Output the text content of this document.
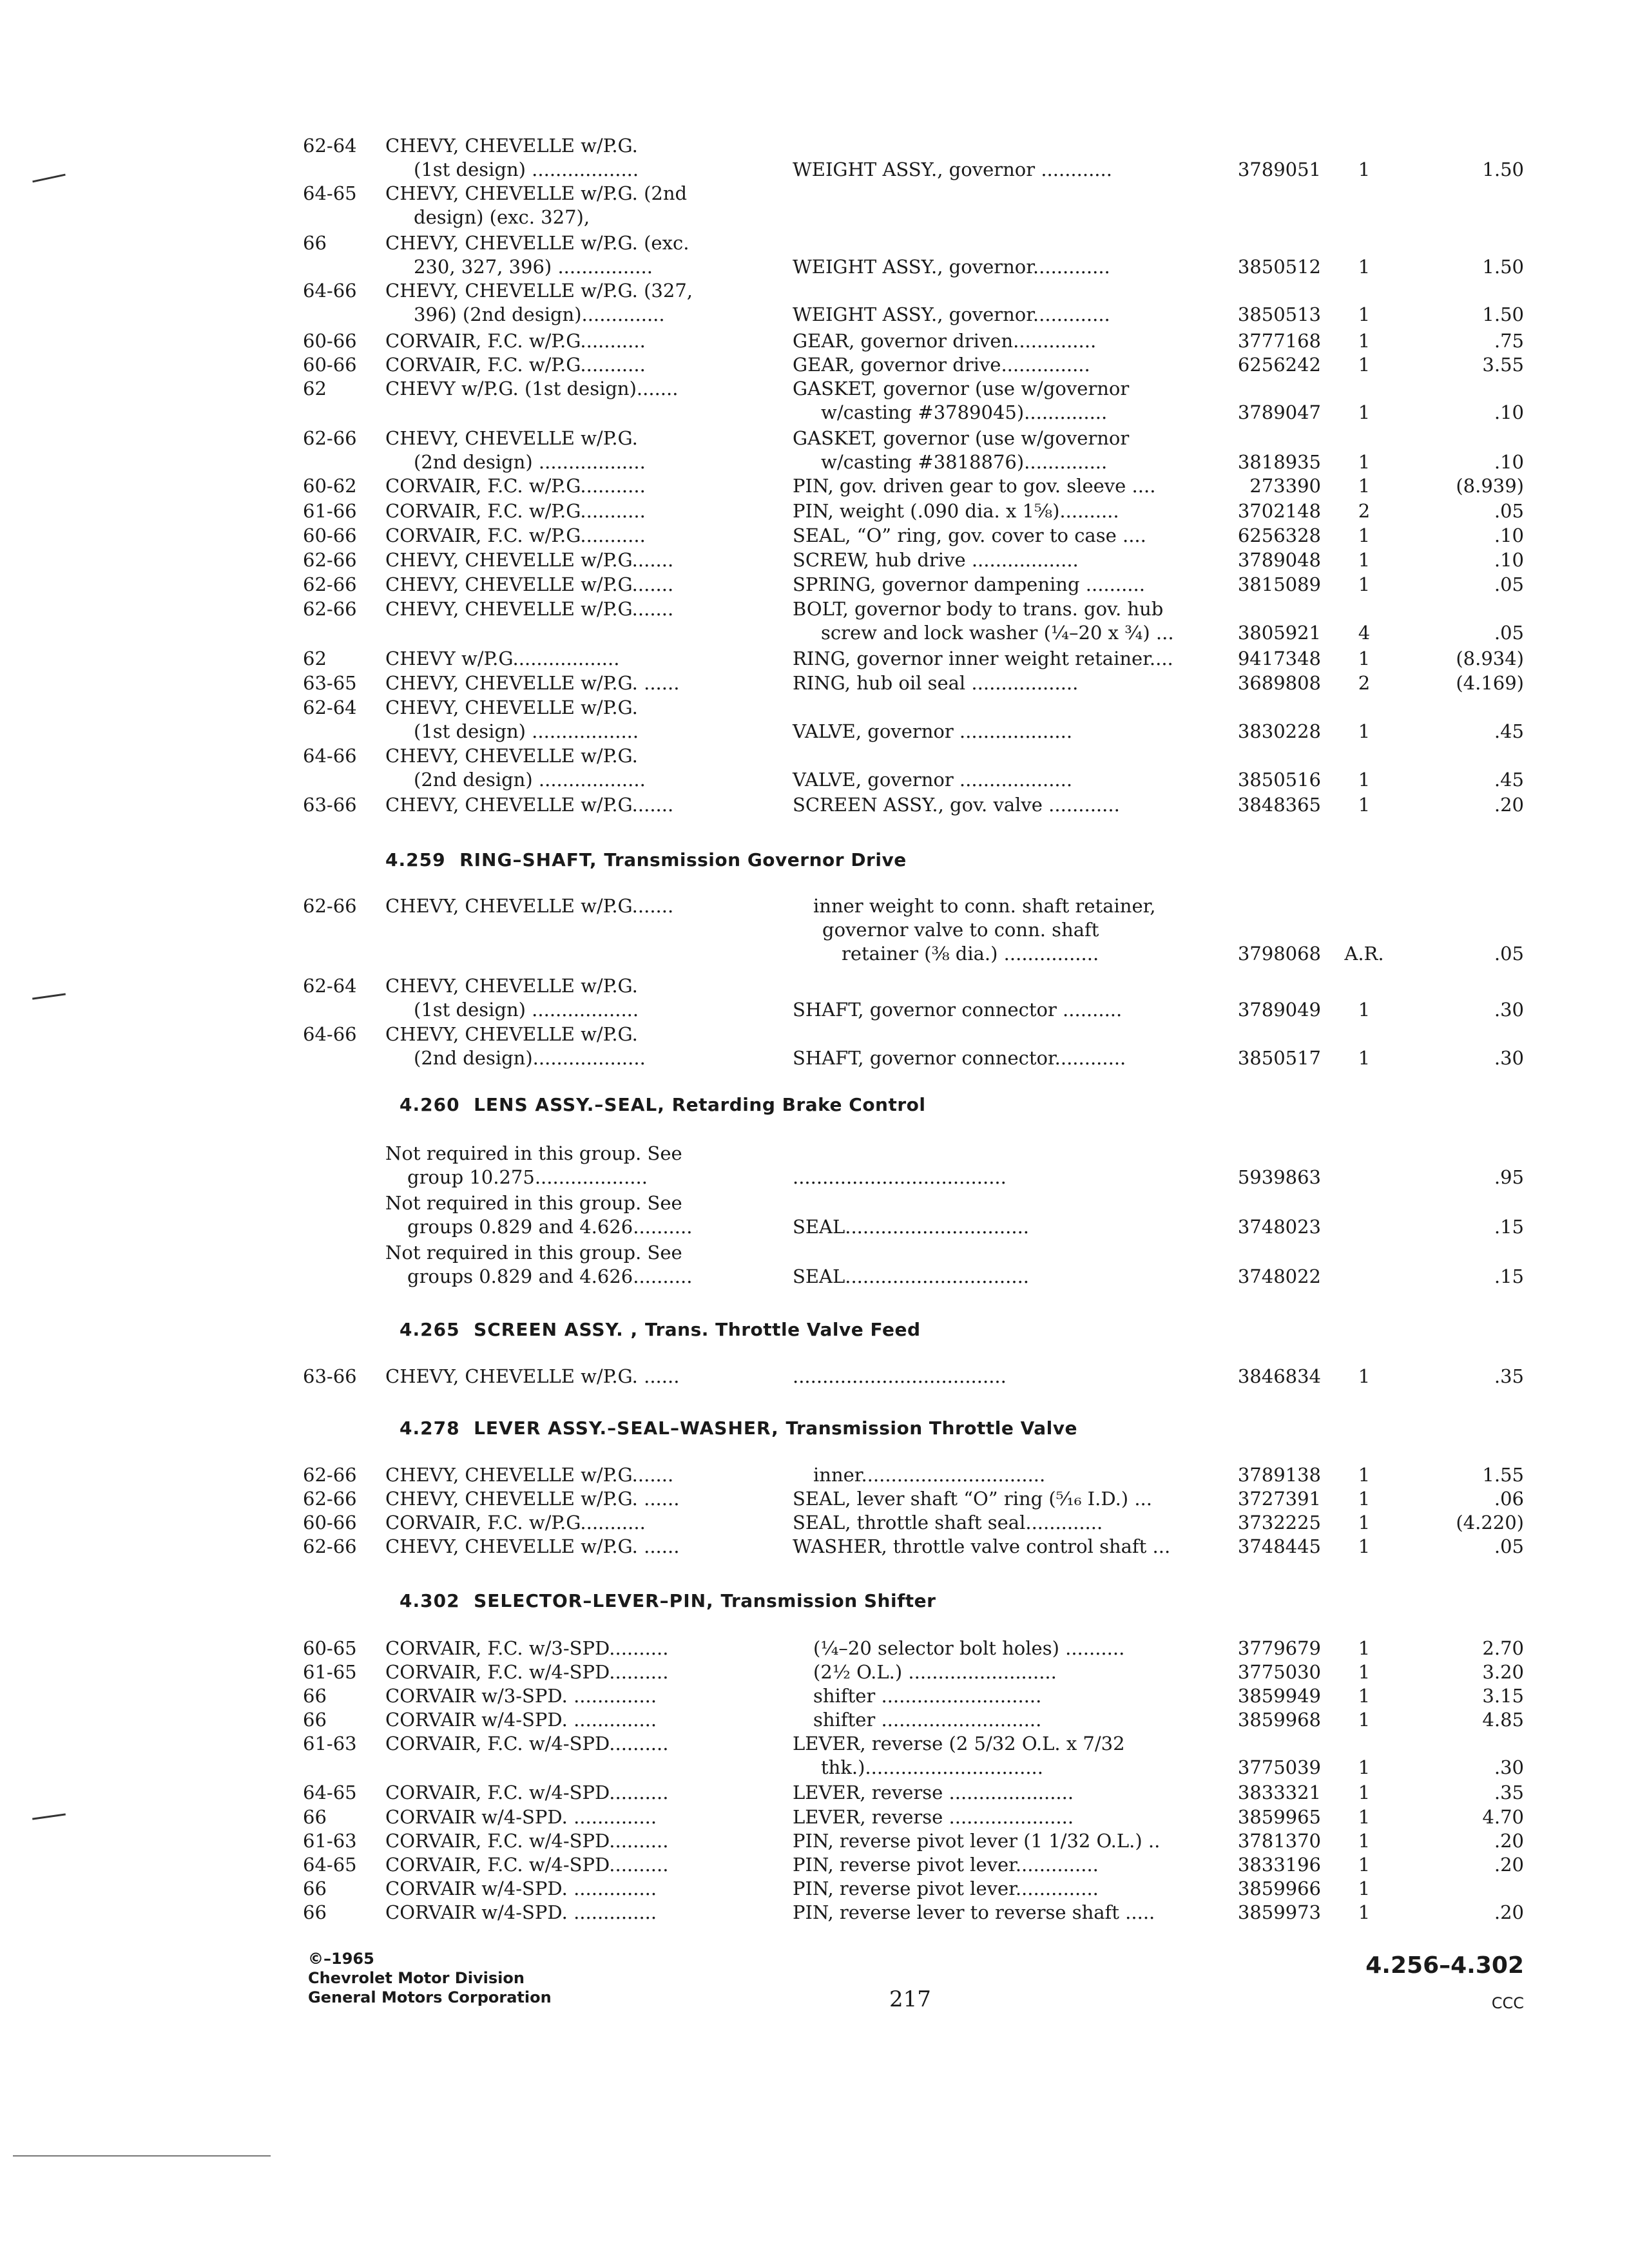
62-64 CHEVY, CHEVELLE w/P.G.
(1st design) ..................	WEIGHT ASSY., governor ............	3789051	1	1.50
64-65 CHEVY, CHEVELLE w/P.G. (2nd
design) (exc. 327),
66	CHEVY, CHEVELLE w/P.G. (exc.
230, 327, 396) ................	WEIGHT ASSY., governor.............	3850512	1	1.50
64-66 CHEVY, CHEVELLE w/P.G. (327,
396) (2nd design)..............	WEIGHT ASSY., governor.............	3850513	1	1.50
60-66 CORVAIR, F.C. w/P.G...........	GEAR, governor driven..............	3777168	1	.75
60-66 CORVAIR, F.C. w/P.G...........	GEAR, governor drive...............	6256242	1	3.55
62	CHEVY w/P.G. (1st design).......	GASKET, governor (use w/governor
w/casting #3789045)..............	3789047	1	.10
62-66 CHEVY, CHEVELLE w/P.G.	GASKET, governor (use w/governor
(2nd design) ..................	w/casting #3818876)..............	3818935	1	.10
60-62 CORVAIR, F.C. w/P.G...........	PIN, gov. driven gear to gov. sleeve ....	273390	1	(8.939)
61-66 CORVAIR, F.C. w/P.G...........	PIN, weight (.090 dia. x 1⅝)..........	3702148	2	.05
60-66 CORVAIR, F.C. w/P.G...........	SEAL, “O” ring, gov. cover to case ....	6256328	1	.10
62-66 CHEVY, CHEVELLE w/P.G.......	SCREW, hub drive ..................	3789048	1	.10
62-66 CHEVY, CHEVELLE w/P.G.......	SPRING, governor dampening ..........	3815089	1	.05
62-66 CHEVY, CHEVELLE w/P.G.......	BOLT, governor body to trans. gov. hub
screw and lock washer (¼–20 x ¾) ...	3805921	4	.05
62	CHEVY w/P.G..................	RING, governor inner weight retainer....	9417348	1	(8.934)
63-65 CHEVY, CHEVELLE w/P.G. ......	RING, hub oil seal ..................	3689808	2	(4.169)
62-64 CHEVY, CHEVELLE w/P.G.
(1st design) ..................	VALVE, governor ...................	3830228	1	.45
64-66 CHEVY, CHEVELLE w/P.G.
(2nd design) ..................	VALVE, governor ...................	3850516	1	.45
63-66 CHEVY, CHEVELLE w/P.G.......	SCREEN ASSY., gov. valve ............	3848365	1	.20
62-66 CHEVY, CHEVELLE w/P.G.......	inner weight to conn. shaft retainer,
governor valve to conn. shaft
retainer (⅜ dia.) ................	3798068	A.R.	.05
62-64 CHEVY, CHEVELLE w/P.G.
(1st design) ..................	SHAFT, governor connector ..........	3789049	1	.30
64-66 CHEVY, CHEVELLE w/P.G.
(2nd design)...................	SHAFT, governor connector............	3850517	1	.30
Not required in this group. See
group 10.275...................	....................................	5939863	.95
Not required in this group. See
groups 0.829 and 4.626..........	SEAL...............................	3748023	.15
Not required in this group. See
groups 0.829 and 4.626..........	SEAL...............................	3748022	.15
63-66 CHEVY, CHEVELLE w/P.G. ......	....................................	3846834	1	.35
62-66 CHEVY, CHEVELLE w/P.G.......	inner...............................	3789138	1	1.55
62-66 CHEVY, CHEVELLE w/P.G. ......	SEAL, lever shaft “O” ring (⁵⁄₁₆ I.D.) ...	3727391	1	.06
60-66 CORVAIR, F.C. w/P.G...........	SEAL, throttle shaft seal.............	3732225	1	(4.220)
62-66 CHEVY, CHEVELLE w/P.G. ......	WASHER, throttle valve control shaft ...	3748445	1	.05
60-65 CORVAIR, F.C. w/3-SPD..........	(¼–20 selector bolt holes) ..........	3779679	1	2.70
61-65 CORVAIR, F.C. w/4-SPD..........	(2½ O.L.) .........................	3775030	1	3.20
66	CORVAIR w/3-SPD. ..............	shifter ...........................	3859949	1	3.15
66	CORVAIR w/4-SPD. ..............	shifter ...........................	3859968	1	4.85
61-63 CORVAIR, F.C. w/4-SPD..........	LEVER, reverse (2 5/32 O.L. x 7/32
thk.)..............................	3775039	1	.30
64-65 CORVAIR, F.C. w/4-SPD..........	LEVER, reverse .....................	3833321	1	.35
66	CORVAIR w/4-SPD. ..............	LEVER, reverse .....................	3859965	1	4.70
61-63 CORVAIR, F.C. w/4-SPD..........	PIN, reverse pivot lever (1 1/32 O.L.) ..	3781370	1	.20
64-65 CORVAIR, F.C. w/4-SPD..........	PIN, reverse pivot lever..............	3833196	1	.20
66	CORVAIR w/4-SPD. ..............	PIN, reverse pivot lever..............	3859966	1
66	CORVAIR w/4-SPD. ..............	PIN, reverse lever to reverse shaft .....	3859973	1	.20
4.259 RING–SHAFT, Transmission Governor Drive
4.260 LENS ASSY.–SEAL, Retarding Brake Control
4.265 SCREEN ASSY. , Trans. Throttle Valve Feed
4.278 LEVER ASSY.–SEAL–WASHER, Transmission Throttle Valve
4.302 SELECTOR–LEVER–PIN, Transmission Shifter
©–1965
Chevrolet Motor Division
General Motors Corporation	217
4.256–4.302
CCC
